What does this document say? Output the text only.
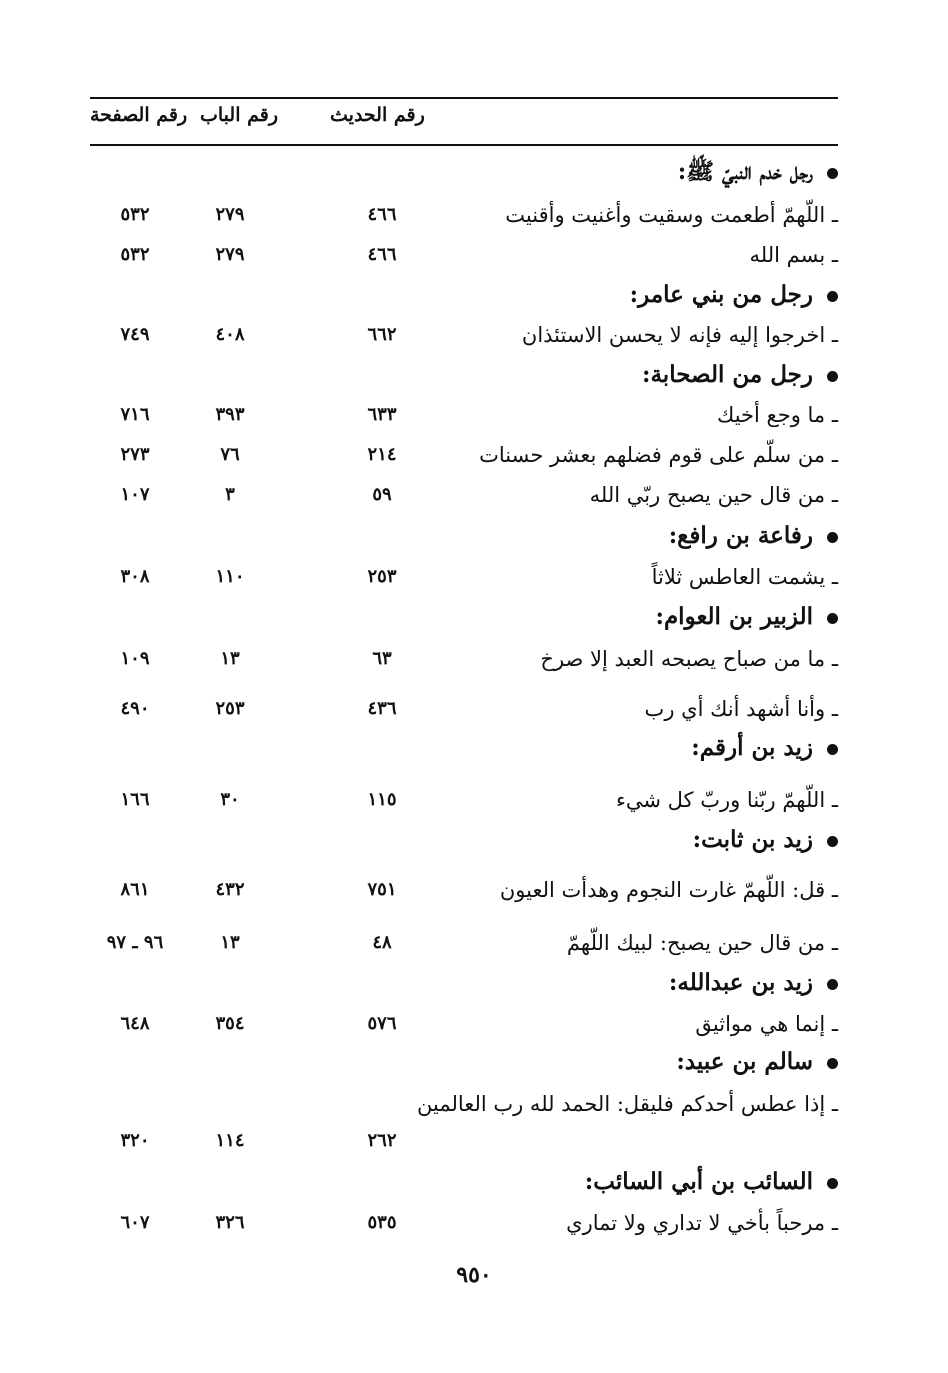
رقم الصفحة رقم الباب	رقم الحديث
رجل خدم النبيّ ﷺ:
ـ اللّهمّ أطعمت وسقيت وأغنيت وأقنيت
٤٦٦
٢٧٩
٥٣٢
ـ بسم الله
٤٦٦
٢٧٩
٥٣٢
رجل من بني عامر:
ـ اخرجوا إليه فإنه لا يحسن الاستئذان
٦٦٢
٤٠٨
٧٤٩
رجل من الصحابة:
ـ ما وجع أخيك
٦٣٣
٣٩٣
٧١٦
ـ من سلّم على قوم فضلهم بعشر حسنات
٢١٤
٧٦
٢٧٣
ـ من قال حين يصبح ربّي الله
٥٩
٣
١٠٧
رفاعة بن رافع:
ـ يشمت العاطس ثلاثاً
٢٥٣
١١٠
٣٠٨
الزبير بن العوام:
ـ ما من صباح يصبحه العبد إلا صرخ
٦٣
١٣
١٠٩
ـ وأنا أشهد أنك أي رب
٤٣٦
٢٥٣
٤٩٠
زيد بن أرقم:
ـ اللّهمّ ربّنا وربّ كل شيء
١١٥
٣٠
١٦٦
زيد بن ثابت:
ـ قل: اللّهمّ غارت النجوم وهدأت العيون
٧٥١
٤٣٢
٨٦١
ـ من قال حين يصبح: لبيك اللّهمّ
٤٨
١٣
٩٦ ـ ٩٧
زيد بن عبدالله:
ـ إنما هي مواثيق
٥٧٦
٣٥٤
٦٤٨
سالم بن عبيد:
ـ إذا عطس أحدكم فليقل: الحمد لله رب العالمين
٢٦٢
١١٤
٣٢٠
السائب بن أبي السائب:
ـ مرحباً بأخي لا تداري ولا تماري
٥٣٥
٣٢٦
٦٠٧
٩٥٠
